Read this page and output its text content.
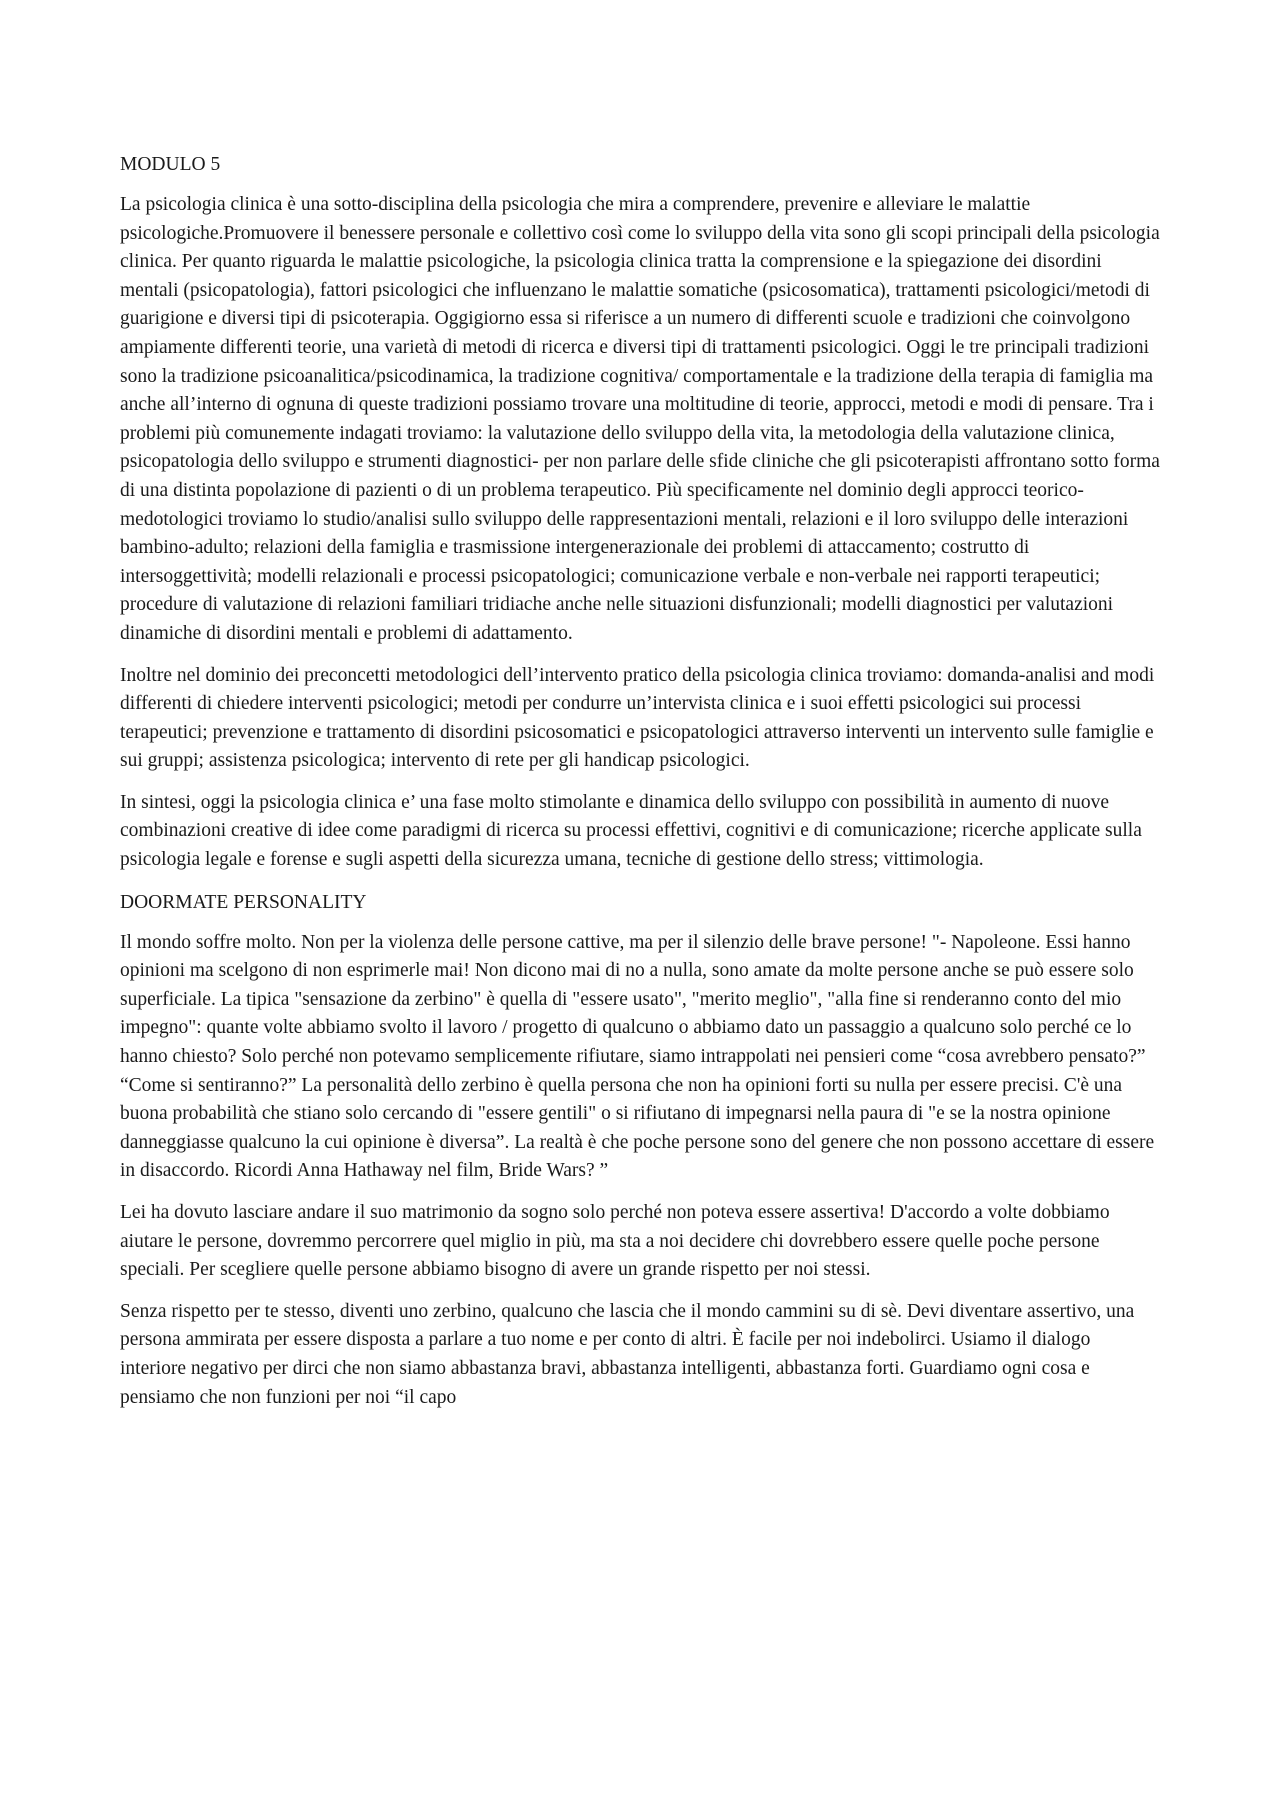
MODULO 5

La psicologia clinica è una sotto-disciplina della psicologia che mira a comprendere, prevenire e alleviare le malattie psicologiche.Promuovere il benessere personale e collettivo così come lo sviluppo della vita sono gli scopi principali della psicologia clinica. Per quanto riguarda le malattie psicologiche, la psicologia clinica tratta la comprensione e la spiegazione dei disordini mentali (psicopatologia), fattori psicologici che influenzano le malattie somatiche (psicosomatica), trattamenti psicologici/metodi di guarigione e diversi tipi di psicoterapia. Oggigiorno essa si riferisce a un numero di differenti scuole e tradizioni che coinvolgono ampiamente differenti teorie, una varietà di metodi di ricerca e diversi tipi di trattamenti psicologici. Oggi le tre principali tradizioni sono la tradizione psicoanalitica/psicodinamica, la tradizione cognitiva/ comportamentale e la tradizione della terapia di famiglia ma anche all’interno di ognuna di queste tradizioni possiamo trovare una moltitudine di teorie, approcci, metodi e modi di pensare. Tra i problemi più comunemente indagati troviamo: la valutazione dello sviluppo della vita, la metodologia della valutazione clinica, psicopatologia dello sviluppo e strumenti diagnostici- per non parlare delle sfide cliniche che gli psicoterapisti affrontano sotto forma di una distinta popolazione di pazienti o di un problema terapeutico. Più specificamente nel dominio degli approcci teorico-medotologici troviamo lo studio/analisi sullo sviluppo delle rappresentazioni mentali, relazioni e il loro sviluppo delle interazioni bambino-adulto; relazioni della famiglia e trasmissione intergenerazionale dei problemi di attaccamento; costrutto di intersoggettività; modelli relazionali e processi psicopatologici; comunicazione verbale e non-verbale nei rapporti terapeutici; procedure di valutazione di relazioni familiari tridiache anche nelle situazioni disfunzionali; modelli diagnostici per valutazioni dinamiche di disordini mentali e problemi di adattamento.

Inoltre nel dominio dei preconcetti metodologici dell’intervento pratico della psicologia clinica troviamo: domanda-analisi and modi differenti di chiedere interventi psicologici; metodi per condurre un’intervista clinica e i suoi effetti psicologici sui processi terapeutici; prevenzione e trattamento di disordini psicosomatici e psicopatologici attraverso interventi un intervento sulle famiglie e sui gruppi; assistenza psicologica; intervento di rete per gli handicap psicologici.

In sintesi, oggi la psicologia clinica e’ una fase molto stimolante e dinamica dello sviluppo con possibilità in aumento di nuove combinazioni creative di idee come paradigmi di ricerca su processi effettivi, cognitivi e di comunicazione; ricerche applicate sulla psicologia legale e forense e sugli aspetti della sicurezza umana, tecniche di gestione dello stress; vittimologia.

DOORMATE PERSONALITY

Il mondo soffre molto. Non per la violenza delle persone cattive, ma per il silenzio delle brave persone! "- Napoleone. Essi hanno opinioni ma scelgono di non esprimerle mai! Non dicono mai di no a nulla, sono amate da molte persone anche se può essere solo superficiale. La tipica "sensazione da zerbino" è quella di "essere usato", "merito meglio", "alla fine si renderanno conto del mio impegno": quante volte abbiamo svolto il lavoro / progetto di qualcuno o abbiamo dato un passaggio a qualcuno solo perché ce lo hanno chiesto? Solo perché non potevamo semplicemente rifiutare, siamo intrappolati nei pensieri come “cosa avrebbero pensato?” “Come si sentiranno?” La personalità dello zerbino è quella persona che non ha opinioni forti su nulla per essere precisi. C'è una buona probabilità che stiano solo cercando di "essere gentili" o si rifiutano di impegnarsi nella paura di "e se la nostra opinione danneggiasse qualcuno la cui opinione è diversa”. La realtà è che poche persone sono del genere che non possono accettare di essere in disaccordo. Ricordi Anna Hathaway nel film, Bride Wars? ”

Lei ha dovuto lasciare andare il suo matrimonio da sogno solo perché non poteva essere assertiva! D'accordo a volte dobbiamo aiutare le persone, dovremmo percorrere quel miglio in più, ma sta a noi decidere chi dovrebbero essere quelle poche persone speciali. Per scegliere quelle persone abbiamo bisogno di avere un grande rispetto per noi stessi.

Senza rispetto per te stesso, diventi uno zerbino, qualcuno che lascia che il mondo cammini su di sè. Devi diventare assertivo, una persona ammirata per essere disposta a parlare a tuo nome e per conto di altri. È facile per noi indebolirci. Usiamo il dialogo interiore negativo per dirci che non siamo abbastanza bravi, abbastanza intelligenti, abbastanza forti. Guardiamo ogni cosa e pensiamo che non funzioni per noi “il capo
